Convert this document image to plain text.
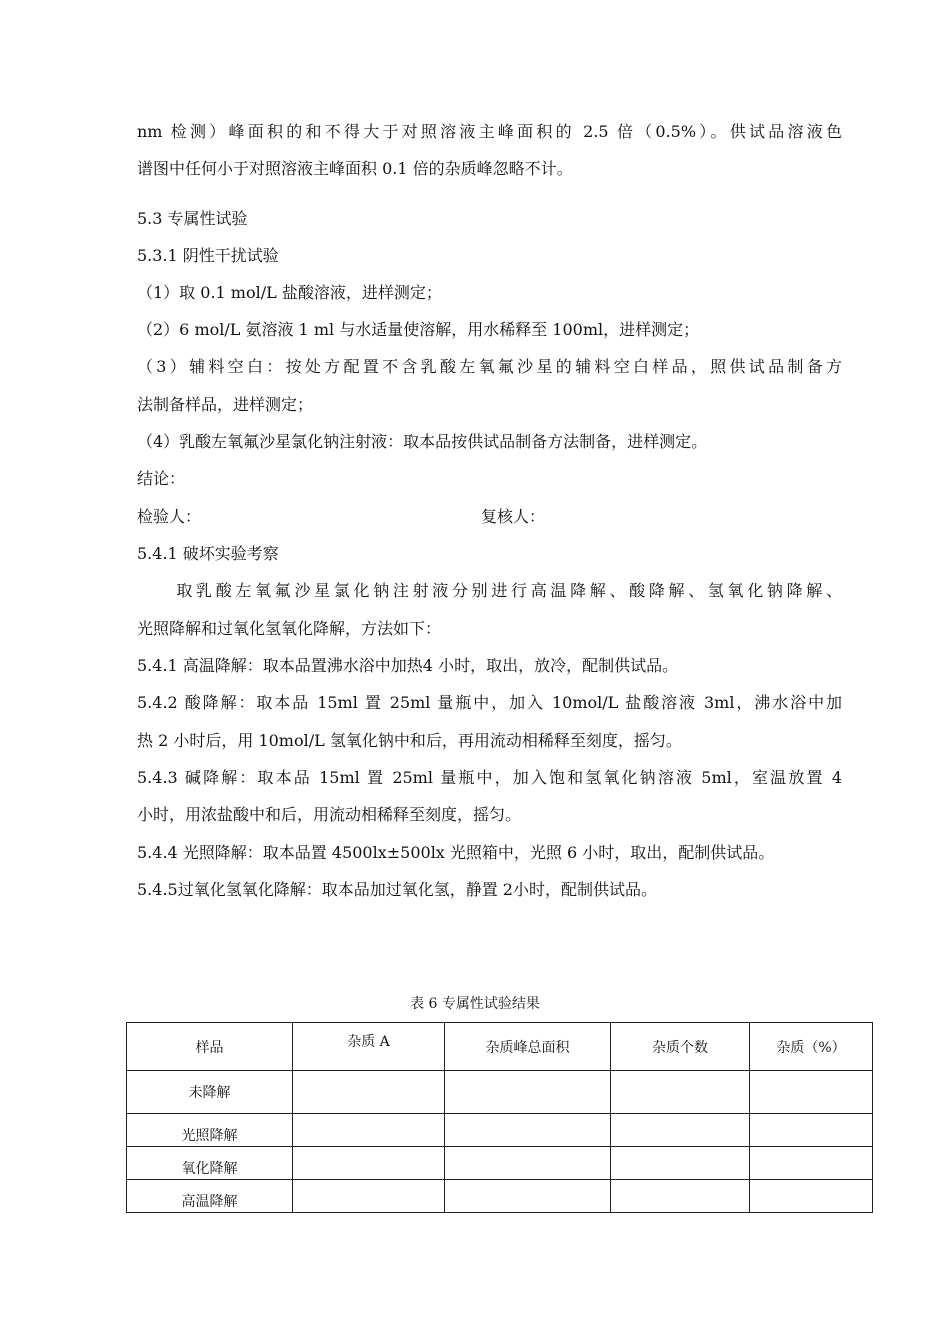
nm 检测）峰面积的和不得大于对照溶液主峰面积的 2.5 倍（0.5%）。供试品溶液色
谱图中任何小于对照溶液主峰面积 0.1 倍的杂质峰忽略不计。
5.3 专属性试验
5.3.1 阴性干扰试验
（1）取 0.1 mol/L 盐酸溶液，进样测定；
（2）6 mol/L 氨溶液 1 ml 与水适量使溶解，用水稀释至 100ml，进样测定；
（3）辅料空白：按处方配置不含乳酸左氧氟沙星的辅料空白样品，照供试品制备方
法制备样品，进样测定；
（4）乳酸左氧氟沙星氯化钠注射液：取本品按供试品制备方法制备，进样测定。
结论：
检验人：	复核人：
5.4.1 破坏实验考察
　　取乳酸左氧氟沙星氯化钠注射液分别进行高温降解、酸降解、氢氧化钠降解、
光照降解和过氧化氢氧化降解，方法如下：
5.4.1 高温降解：取本品置沸水浴中加热4 小时，取出，放冷，配制供试品。
5.4.2 酸降解：取本品 15ml 置 25ml 量瓶中，加入 10mol/L 盐酸溶液 3ml，沸水浴中加
热 2 小时后，用 10mol/L 氢氧化钠中和后，再用流动相稀释至刻度，摇匀。
5.4.3 碱降解：取本品 15ml 置 25ml 量瓶中，加入饱和氢氧化钠溶液 5ml，室温放置 4
小时，用浓盐酸中和后，用流动相稀释至刻度，摇匀。
5.4.4 光照降解：取本品置 4500lx±500lx 光照箱中，光照 6 小时，取出，配制供试品。
5.4.5过氧化氢氧化降解：取本品加过氧化氢，静置 2小时，配制供试品。
表 6 专属性试验结果
样品	杂质 A	杂质峰总面积	杂质个数	杂质（%）
未降解				
光照降解				
氧化降解				
高温降解				
